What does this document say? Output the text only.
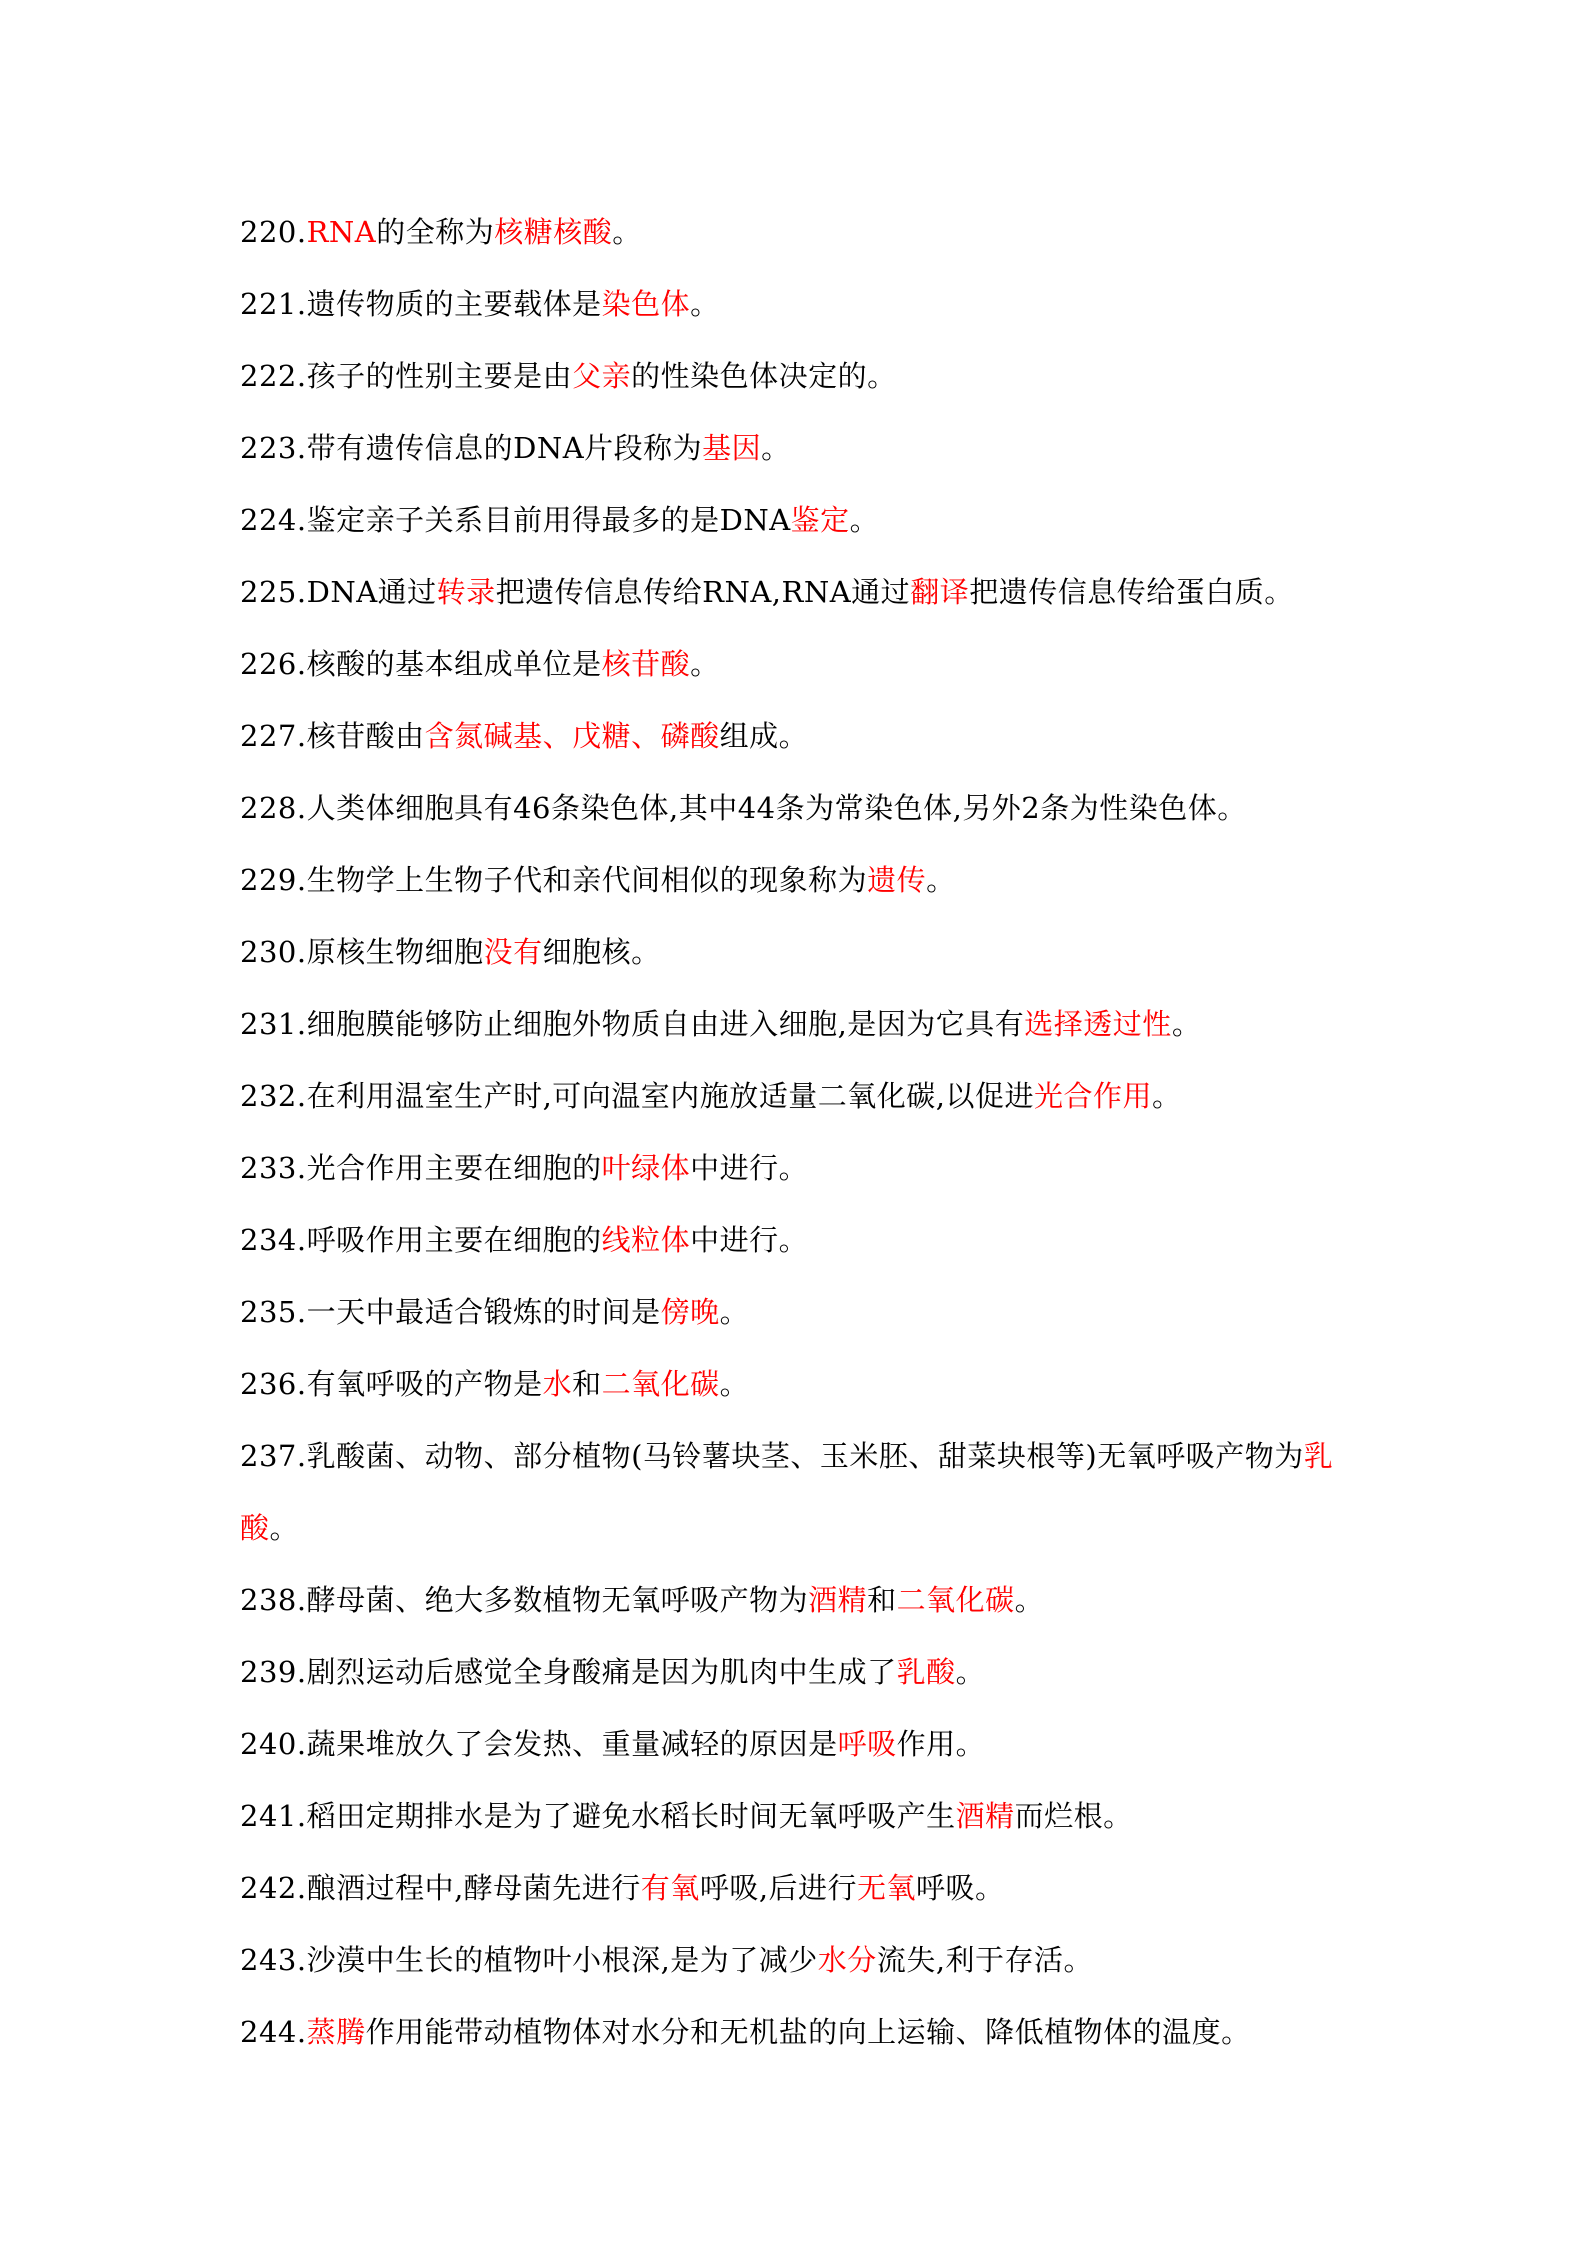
220.RNA的全称为核糖核酸。
221.遗传物质的主要载体是染色体。
222.孩子的性别主要是由父亲的性染色体决定的。
223.带有遗传信息的DNA片段称为基因。
224.鉴定亲子关系目前用得最多的是DNA鉴定。
225.DNA通过转录把遗传信息传给RNA,RNA通过翻译把遗传信息传给蛋白质。
226.核酸的基本组成单位是核苷酸。
227.核苷酸由含氮碱基、戊糖、磷酸组成。
228.人类体细胞具有46条染色体,其中44条为常染色体,另外2条为性染色体。
229.生物学上生物子代和亲代间相似的现象称为遗传。
230.原核生物细胞没有细胞核。
231.细胞膜能够防止细胞外物质自由进入细胞,是因为它具有选择透过性。
232.在利用温室生产时,可向温室内施放适量二氧化碳,以促进光合作用。
233.光合作用主要在细胞的叶绿体中进行。
234.呼吸作用主要在细胞的线粒体中进行。
235.一天中最适合锻炼的时间是傍晚。
236.有氧呼吸的产物是水和二氧化碳。
237.乳酸菌、动物、部分植物(马铃薯块茎、玉米胚、甜菜块根等)无氧呼吸产物为乳酸。
238.酵母菌、绝大多数植物无氧呼吸产物为酒精和二氧化碳。
239.剧烈运动后感觉全身酸痛是因为肌肉中生成了乳酸。
240.蔬果堆放久了会发热、重量减轻的原因是呼吸作用。
241.稻田定期排水是为了避免水稻长时间无氧呼吸产生酒精而烂根。
242.酿酒过程中,酵母菌先进行有氧呼吸,后进行无氧呼吸。
243.沙漠中生长的植物叶小根深,是为了减少水分流失,利于存活。
244.蒸腾作用能带动植物体对水分和无机盐的向上运输、降低植物体的温度。
